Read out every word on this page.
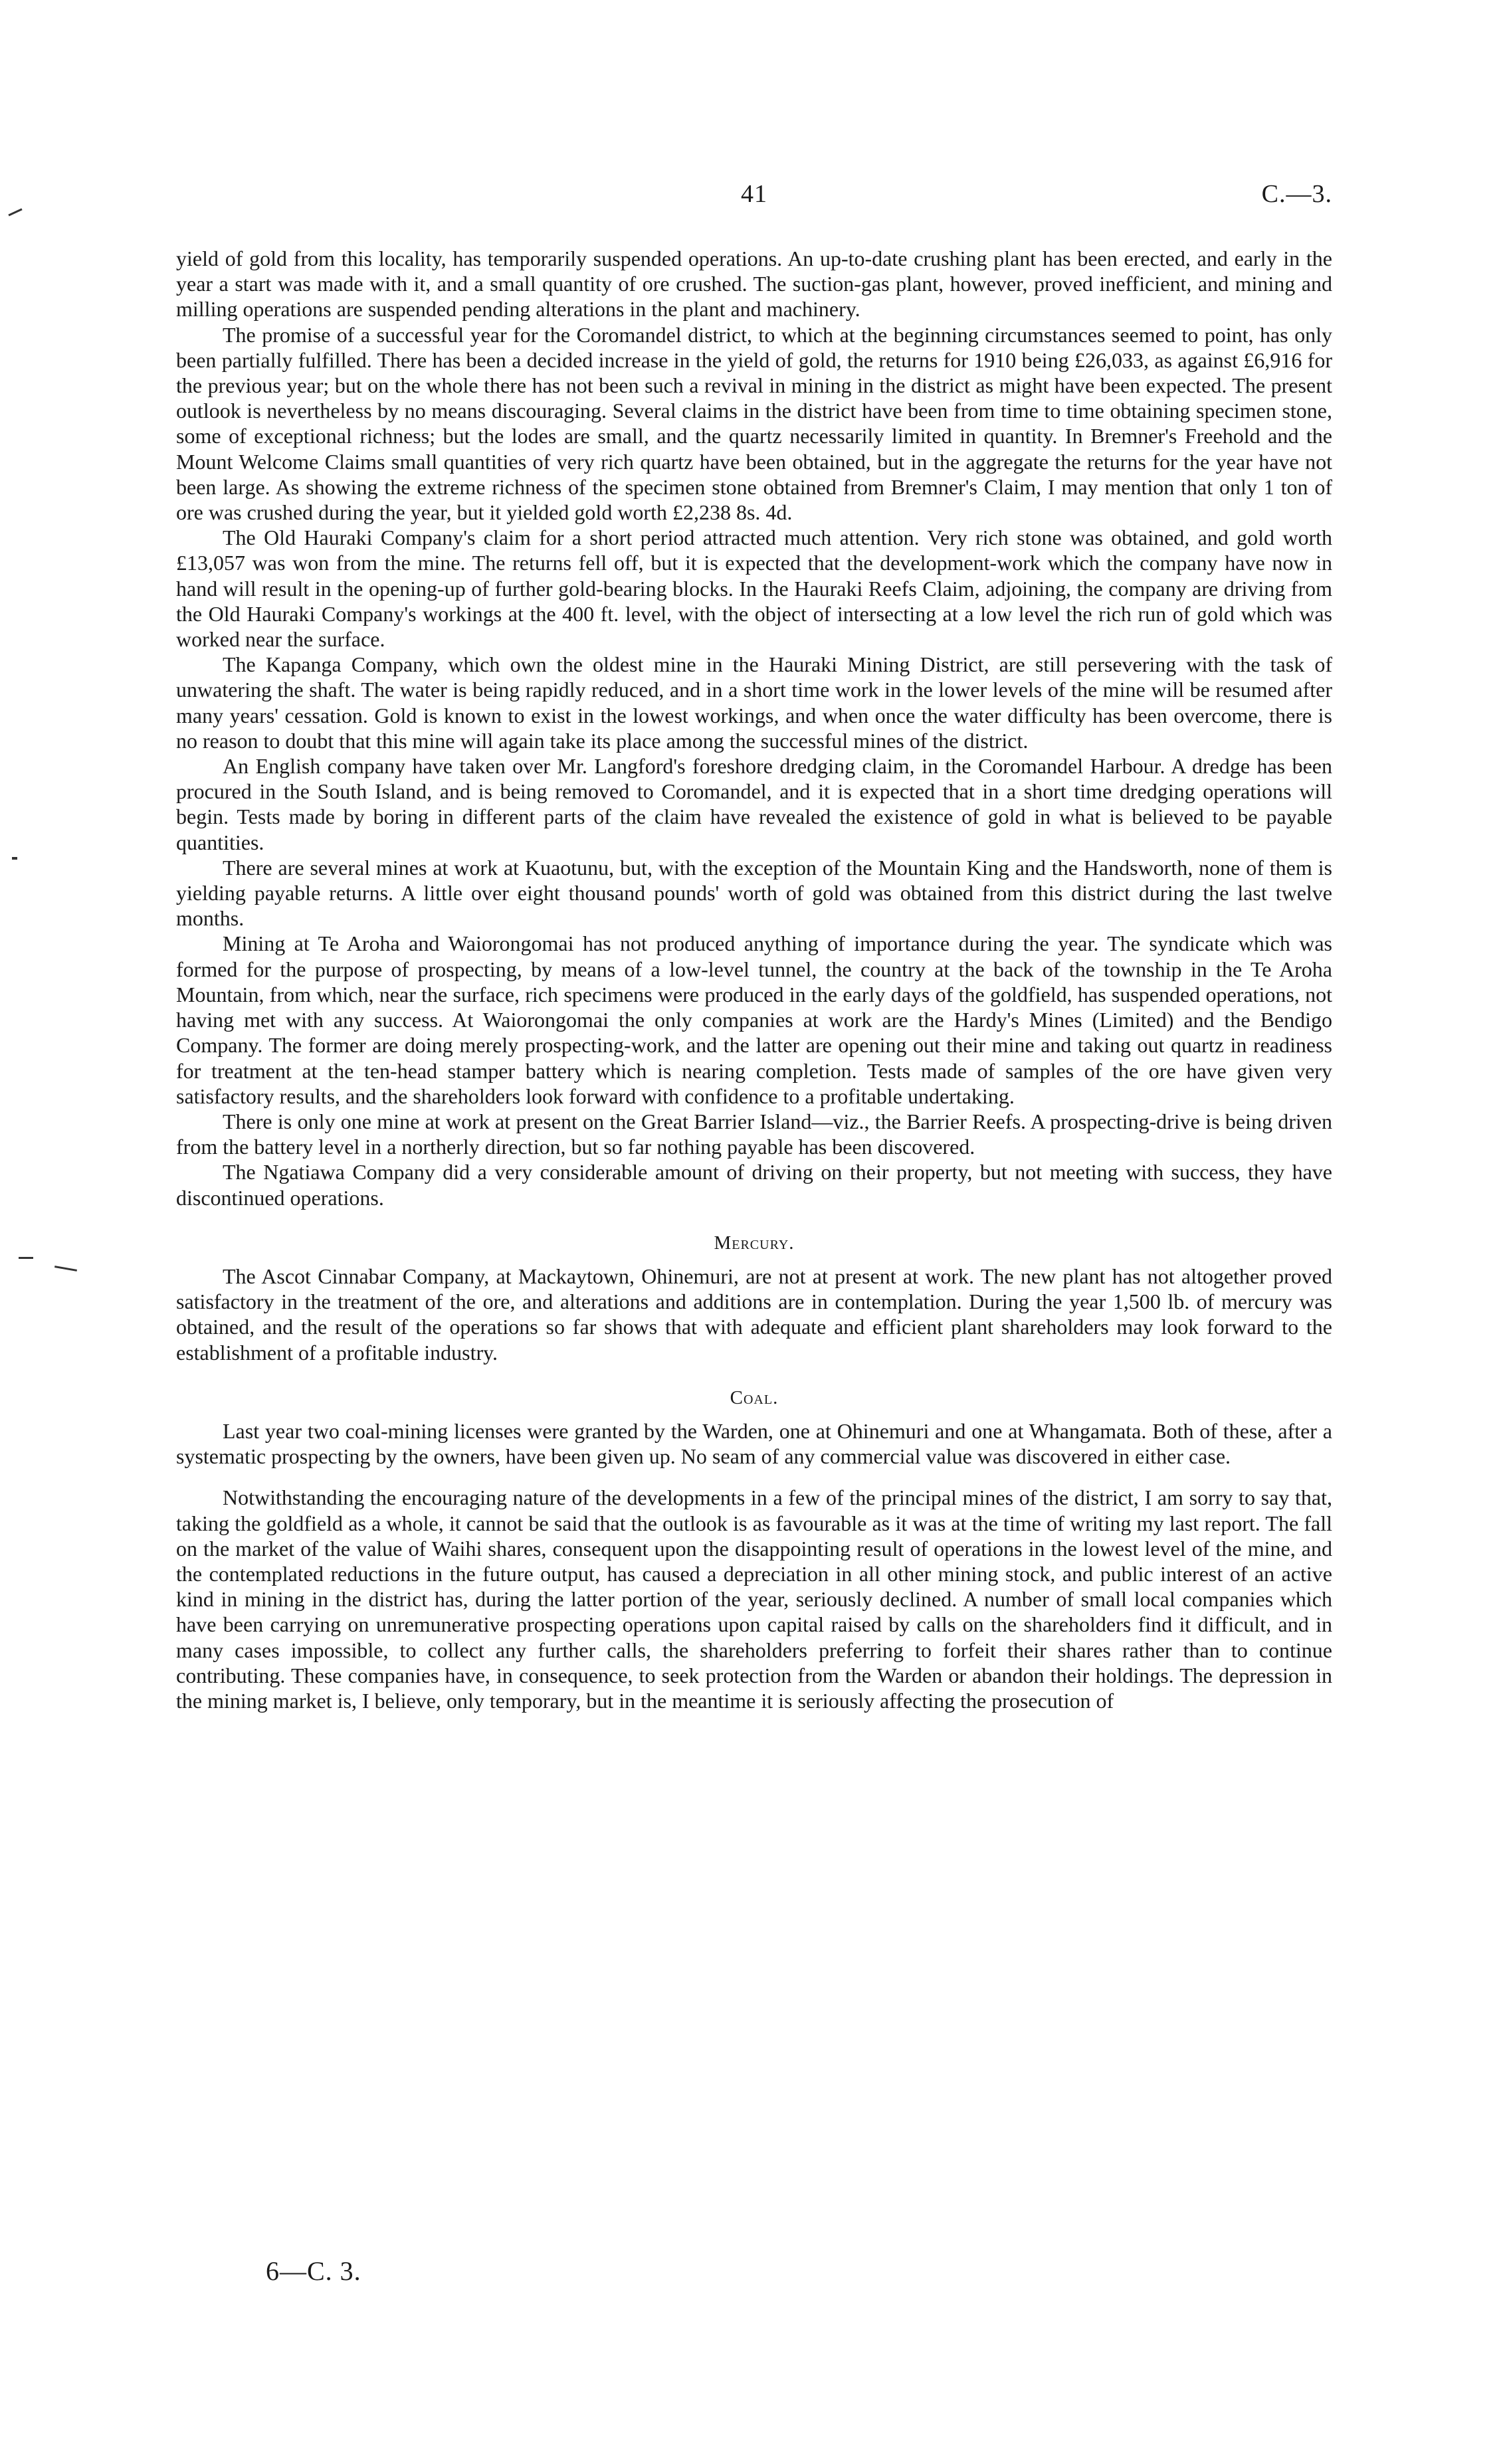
41	C.—3.

yield of gold from this locality, has temporarily suspended operations. An up-to-date crushing plant has been erected, and early in the year a start was made with it, and a small quantity of ore crushed. The suction-gas plant, however, proved inefficient, and mining and milling operations are suspended pending alterations in the plant and machinery.

The promise of a successful year for the Coromandel district, to which at the beginning circumstances seemed to point, has only been partially fulfilled. There has been a decided increase in the yield of gold, the returns for 1910 being £26,033, as against £6,916 for the previous year; but on the whole there has not been such a revival in mining in the district as might have been expected. The present outlook is nevertheless by no means discouraging. Several claims in the district have been from time to time obtaining specimen stone, some of exceptional richness; but the lodes are small, and the quartz necessarily limited in quantity. In Bremner's Freehold and the Mount Welcome Claims small quantities of very rich quartz have been obtained, but in the aggregate the returns for the year have not been large. As showing the extreme richness of the specimen stone obtained from Bremner's Claim, I may mention that only 1 ton of ore was crushed during the year, but it yielded gold worth £2,238 8s. 4d.

The Old Hauraki Company's claim for a short period attracted much attention. Very rich stone was obtained, and gold worth £13,057 was won from the mine. The returns fell off, but it is expected that the development-work which the company have now in hand will result in the opening-up of further gold-bearing blocks. In the Hauraki Reefs Claim, adjoining, the company are driving from the Old Hauraki Company's workings at the 400 ft. level, with the object of intersecting at a low level the rich run of gold which was worked near the surface.

The Kapanga Company, which own the oldest mine in the Hauraki Mining District, are still persevering with the task of unwatering the shaft. The water is being rapidly reduced, and in a short time work in the lower levels of the mine will be resumed after many years' cessation. Gold is known to exist in the lowest workings, and when once the water difficulty has been overcome, there is no reason to doubt that this mine will again take its place among the successful mines of the district.

An English company have taken over Mr. Langford's foreshore dredging claim, in the Coromandel Harbour. A dredge has been procured in the South Island, and is being removed to Coromandel, and it is expected that in a short time dredging operations will begin. Tests made by boring in different parts of the claim have revealed the existence of gold in what is believed to be payable quantities.

There are several mines at work at Kuaotunu, but, with the exception of the Mountain King and the Handsworth, none of them is yielding payable returns. A little over eight thousand pounds' worth of gold was obtained from this district during the last twelve months.

Mining at Te Aroha and Waiorongomai has not produced anything of importance during the year. The syndicate which was formed for the purpose of prospecting, by means of a low-level tunnel, the country at the back of the township in the Te Aroha Mountain, from which, near the surface, rich specimens were produced in the early days of the goldfield, has suspended operations, not having met with any success. At Waiorongomai the only companies at work are the Hardy's Mines (Limited) and the Bendigo Company. The former are doing merely prospecting-work, and the latter are opening out their mine and taking out quartz in readiness for treatment at the ten-head stamper battery which is nearing completion. Tests made of samples of the ore have given very satisfactory results, and the shareholders look forward with confidence to a profitable undertaking.

There is only one mine at work at present on the Great Barrier Island—viz., the Barrier Reefs. A prospecting-drive is being driven from the battery level in a northerly direction, but so far nothing payable has been discovered.

The Ngatiawa Company did a very considerable amount of driving on their property, but not meeting with success, they have discontinued operations.

Mercury.

The Ascot Cinnabar Company, at Mackaytown, Ohinemuri, are not at present at work. The new plant has not altogether proved satisfactory in the treatment of the ore, and alterations and additions are in contemplation. During the year 1,500 lb. of mercury was obtained, and the result of the operations so far shows that with adequate and efficient plant shareholders may look forward to the establishment of a profitable industry.

Coal.

Last year two coal-mining licenses were granted by the Warden, one at Ohinemuri and one at Whangamata. Both of these, after a systematic prospecting by the owners, have been given up. No seam of any commercial value was discovered in either case.

Notwithstanding the encouraging nature of the developments in a few of the principal mines of the district, I am sorry to say that, taking the goldfield as a whole, it cannot be said that the outlook is as favourable as it was at the time of writing my last report. The fall on the market of the value of Waihi shares, consequent upon the disappointing result of operations in the lowest level of the mine, and the contemplated reductions in the future output, has caused a depreciation in all other mining stock, and public interest of an active kind in mining in the district has, during the latter portion of the year, seriously declined. A number of small local companies which have been carrying on unremunerative prospecting operations upon capital raised by calls on the shareholders find it difficult, and in many cases impossible, to collect any further calls, the shareholders preferring to forfeit their shares rather than to continue contributing. These companies have, in consequence, to seek protection from the Warden or abandon their holdings. The depression in the mining market is, I believe, only temporary, but in the meantime it is seriously affecting the prosecution of

6—C. 3.
